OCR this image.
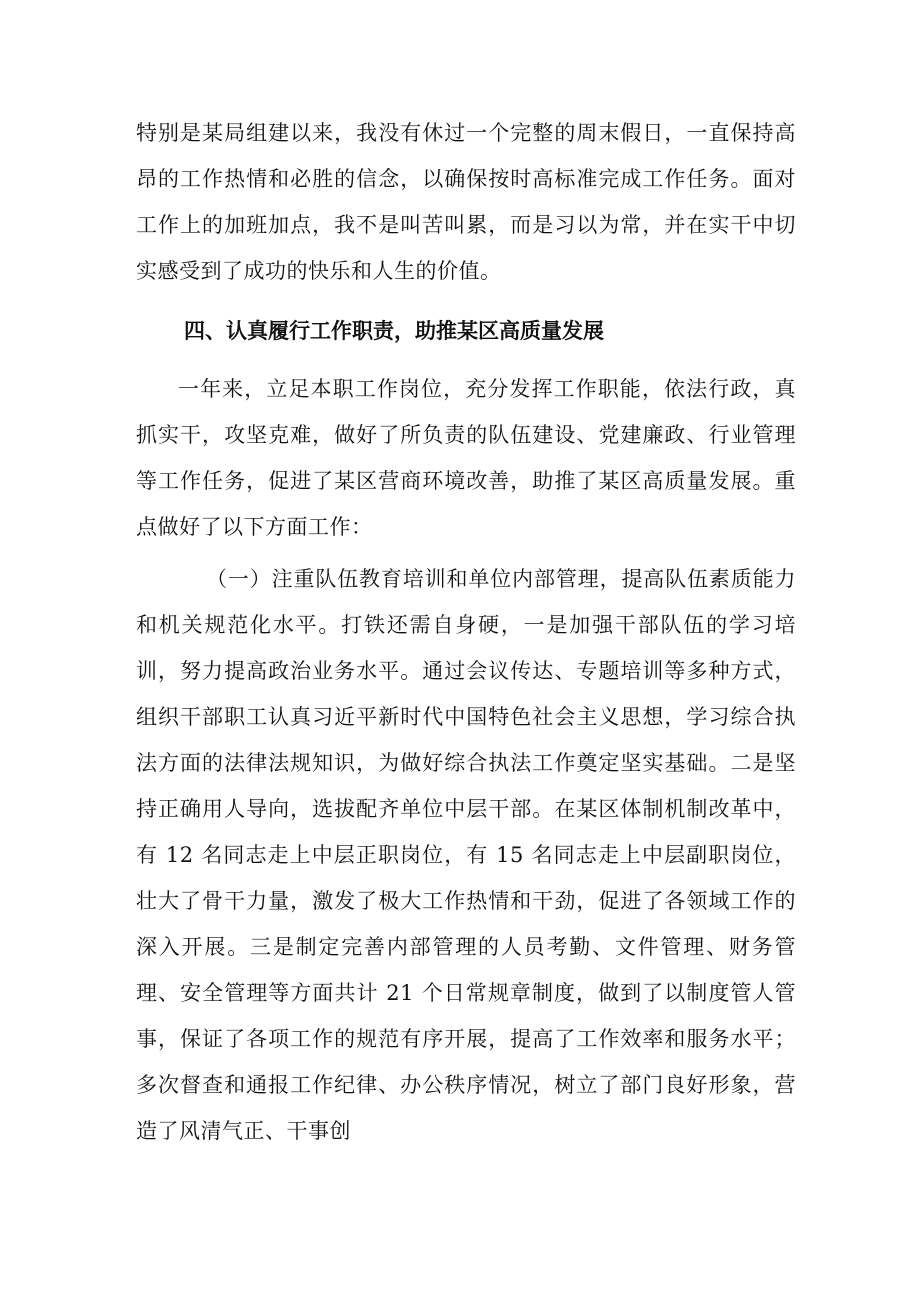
特别是某局组建以来，我没有休过一个完整的周末假日，一直保持高昂的工作热情和必胜的信念，以确保按时高标准完成工作任务。面对工作上的加班加点，我不是叫苦叫累，而是习以为常，并在实干中切实感受到了成功的快乐和人生的价值。

四、认真履行工作职责，助推某区高质量发展

一年来，立足本职工作岗位，充分发挥工作职能，依法行政，真抓实干，攻坚克难，做好了所负责的队伍建设、党建廉政、行业管理等工作任务，促进了某区营商环境改善，助推了某区高质量发展。重点做好了以下方面工作：

（一）注重队伍教育培训和单位内部管理，提高队伍素质能力和机关规范化水平。打铁还需自身硬，一是加强干部队伍的学习培训，努力提高政治业务水平。通过会议传达、专题培训等多种方式，组织干部职工认真习近平新时代中国特色社会主义思想，学习综合执法方面的法律法规知识，为做好综合执法工作奠定坚实基础。二是坚持正确用人导向，选拔配齐单位中层干部。在某区体制机制改革中，有 12 名同志走上中层正职岗位，有 15 名同志走上中层副职岗位，壮大了骨干力量，激发了极大工作热情和干劲，促进了各领域工作的深入开展。三是制定完善内部管理的人员考勤、文件管理、财务管理、安全管理等方面共计 21 个日常规章制度，做到了以制度管人管事，保证了各项工作的规范有序开展，提高了工作效率和服务水平；多次督查和通报工作纪律、办公秩序情况，树立了部门良好形象，营造了风清气正、干事创
